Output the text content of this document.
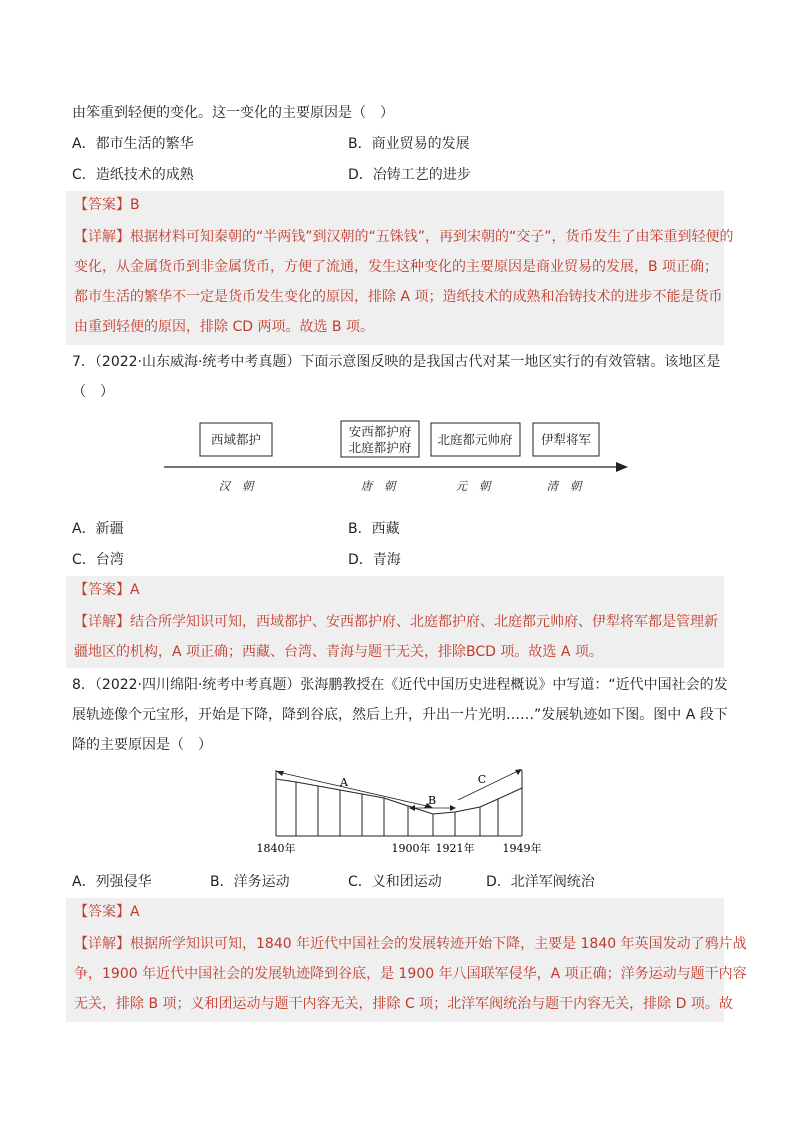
由笨重到轻便的变化。这一变化的主要原因是（　）
A．都市生活的繁华	B．商业贸易的发展
C．造纸技术的成熟	D．冶铸工艺的进步
【答案】B
【详解】根据材料可知秦朝的“半两钱”到汉朝的“五铢钱”，再到宋朝的“交子”，货币发生了由笨重到轻便的
变化，从金属货币到非金属货币，方便了流通，发生这种变化的主要原因是商业贸易的发展，B 项正确；
都市生活的繁华不一定是货币发生变化的原因，排除 A 项；造纸技术的成熟和冶铸技术的进步不能是货币
由重到轻便的原因，排除 CD 两项。故选 B 项。
7．（2022·山东威海·统考中考真题）下面示意图反映的是我国古代对某一地区实行的有效管辖。该地区是
（　）
西域都护
安西都护府
北庭都护府
北庭都元帅府 伊犁将军
汉 朝	唐 朝	元 朝	清 朝
A．新疆	B．西藏
C．台湾	D．青海
【答案】A
【详解】结合所学知识可知，西域都护、安西都护府、北庭都护府、北庭都元帅府、伊犁将军都是管理新
疆地区的机构，A 项正确；西藏、台湾、青海与题干无关，排除BCD 项。故选 A 项。
8．（2022·四川绵阳·统考中考真题）张海鹏教授在《近代中国历史进程概说》中写道：“近代中国社会的发
展轨迹像个元宝形，开始是下降，降到谷底，然后上升，升出一片光明……”发展轨迹如下图。图中 A 段下
降的主要原因是（　）
A
B
C
1840年	1900年 1921年	1949年
A．列强侵华	B．洋务运动	C．义和团运动	D．北洋军阀统治
【答案】A
【详解】根据所学知识可知，1840 年近代中国社会的发展转迹开始下降，主要是 1840 年英国发动了鸦片战
争，1900 年近代中国社会的发展轨迹降到谷底，是 1900 年八国联军侵华，A 项正确；洋务运动与题干内容
无关，排除 B 项；义和团运动与题干内容无关，排除 C 项；北洋军阀统治与题干内容无关，排除 D 项。故
